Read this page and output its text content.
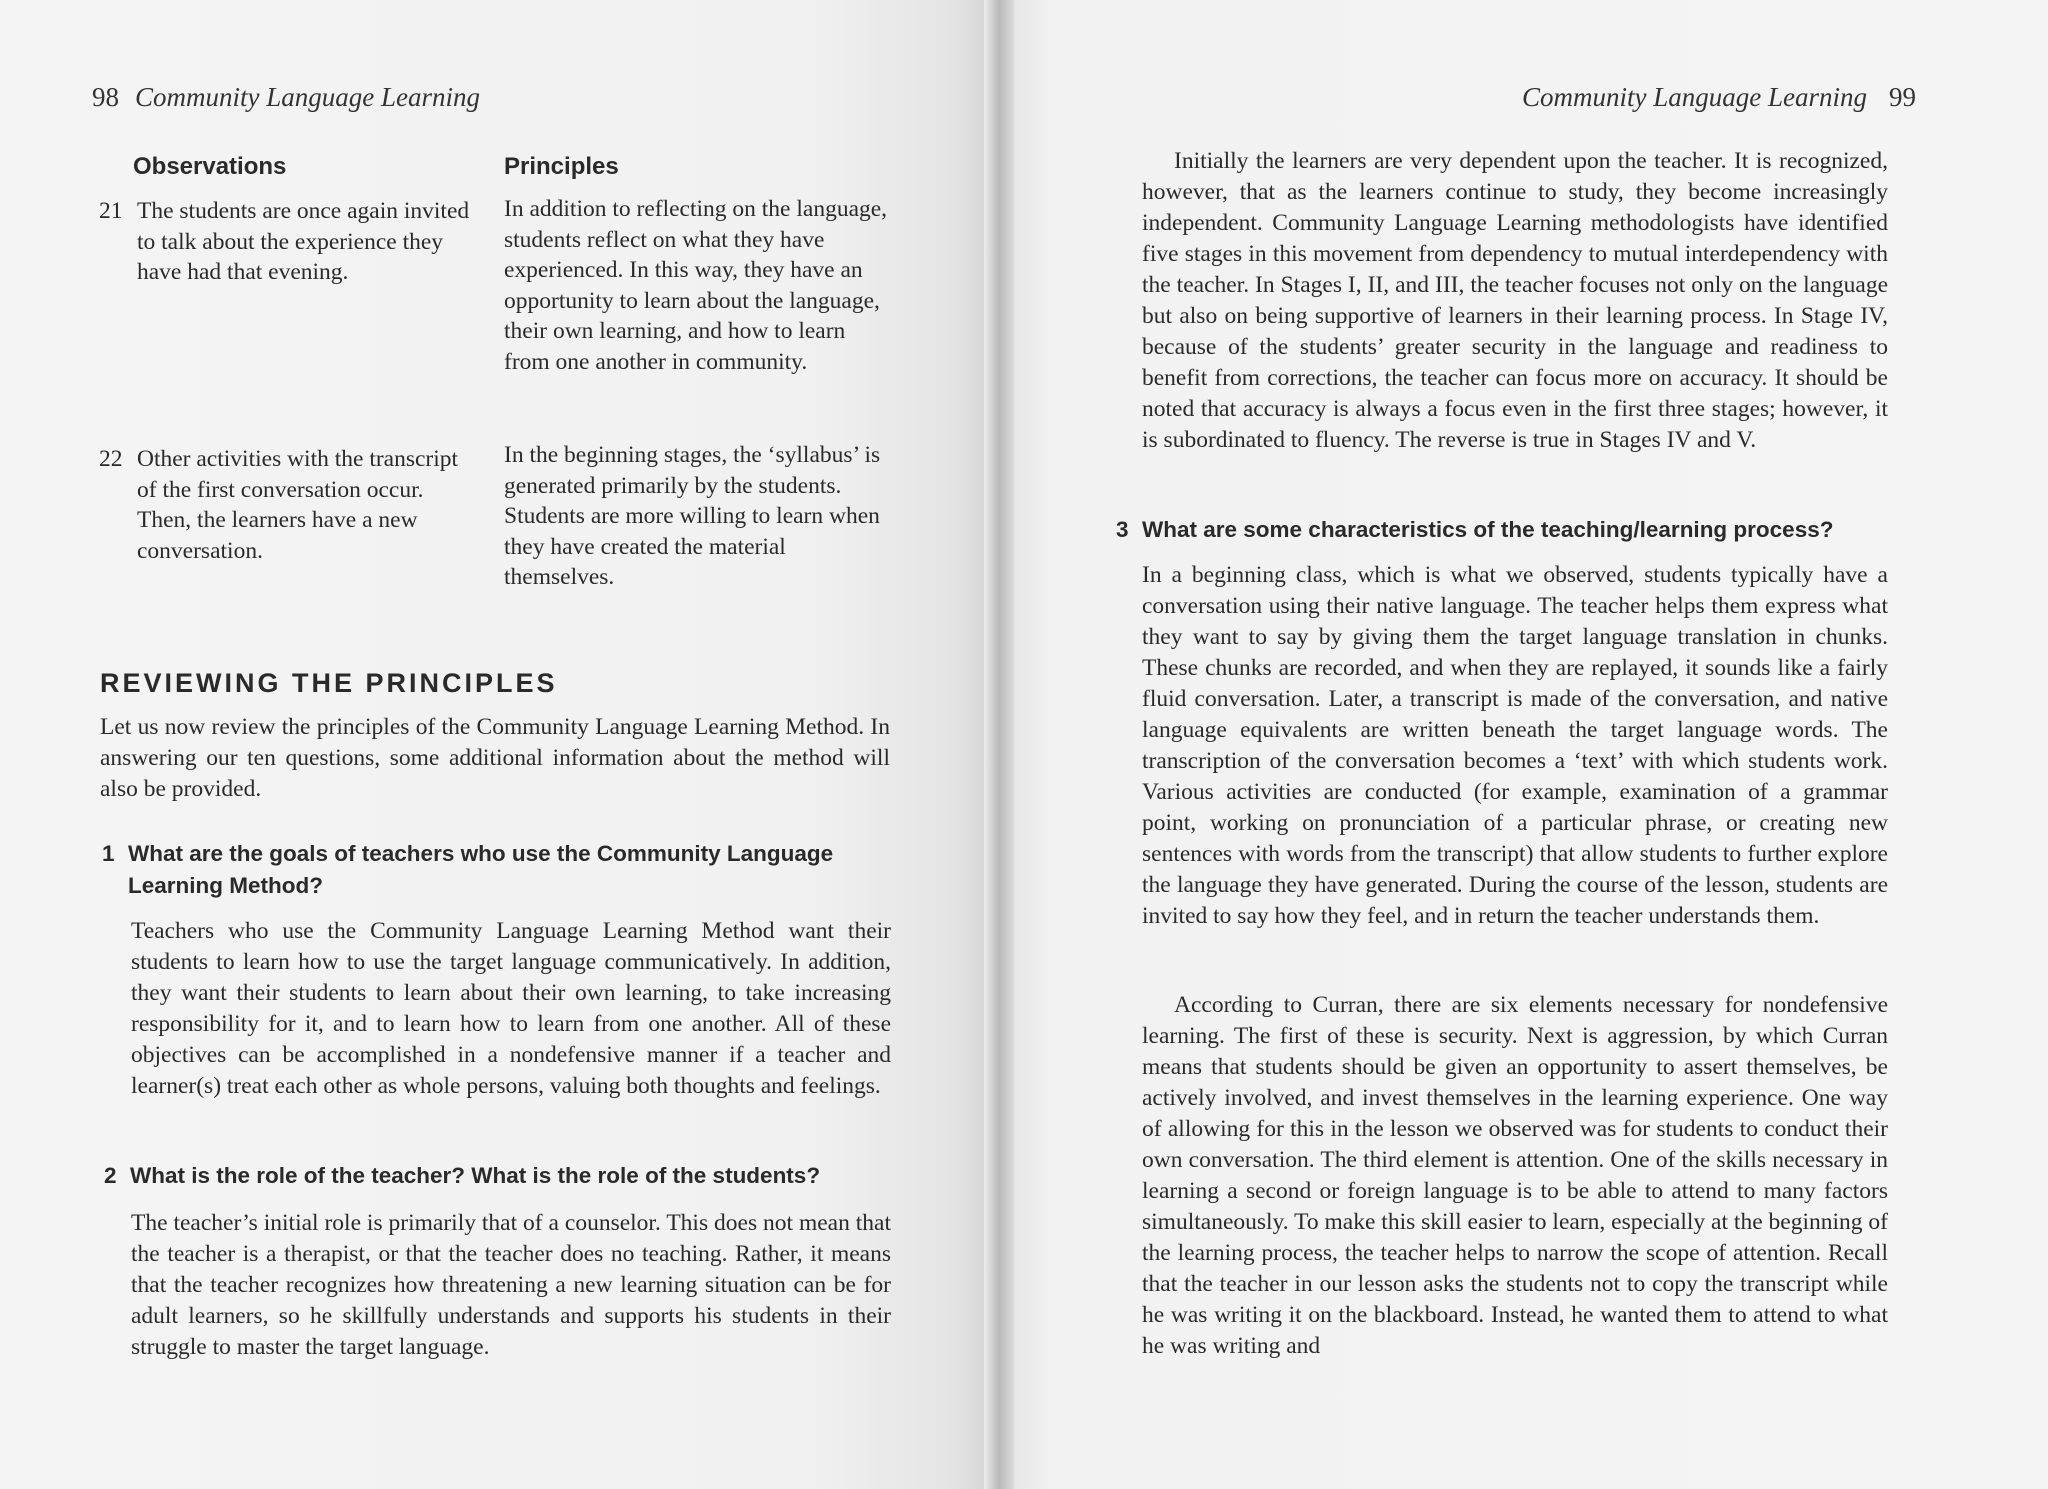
98 Community Language Learning
Observations	Principles
21 The students are once again invited to talk about the experience they have had that evening.
In addition to reflecting on the language, students reflect on what they have experienced. In this way, they have an opportunity to learn about the language, their own learning, and how to learn from one another in community.
22 Other activities with the transcript of the first conversation occur. Then, the learners have a new conversation.
In the beginning stages, the ‘syllabus’ is generated primarily by the students. Students are more willing to learn when they have created the material themselves.
REVIEWING THE PRINCIPLES
Let us now review the principles of the Community Language Learning Method. In answering our ten questions, some additional information about the method will also be provided.
1 What are the goals of teachers who use the Community Language Learning Method?
Teachers who use the Community Language Learning Method want their students to learn how to use the target language communicatively. In addition, they want their students to learn about their own learning, to take increasing responsibility for it, and to learn how to learn from one another. All of these objectives can be accomplished in a nondefensive manner if a teacher and learner(s) treat each other as whole persons, valuing both thoughts and feelings.
2 What is the role of the teacher? What is the role of the students?
The teacher’s initial role is primarily that of a counselor. This does not mean that the teacher is a therapist, or that the teacher does no teaching. Rather, it means that the teacher recognizes how threatening a new learning situation can be for adult learners, so he skillfully understands and supports his students in their struggle to master the target language.
Community Language Learning 99
Initially the learners are very dependent upon the teacher. It is recognized, however, that as the learners continue to study, they become increasingly independent. Community Language Learning methodologists have identified five stages in this movement from dependency to mutual interdependency with the teacher. In Stages I, II, and III, the teacher focuses not only on the language but also on being supportive of learners in their learning process. In Stage IV, because of the students’ greater security in the language and readiness to benefit from corrections, the teacher can focus more on accuracy. It should be noted that accuracy is always a focus even in the first three stages; however, it is subordinated to fluency. The reverse is true in Stages IV and V.
3 What are some characteristics of the teaching/learning process?
In a beginning class, which is what we observed, students typically have a conversation using their native language. The teacher helps them express what they want to say by giving them the target language translation in chunks. These chunks are recorded, and when they are replayed, it sounds like a fairly fluid conversation. Later, a transcript is made of the conversation, and native language equivalents are written beneath the target language words. The transcription of the conversation becomes a ‘text’ with which students work. Various activities are conducted (for example, examination of a grammar point, working on pronunciation of a particular phrase, or creating new sentences with words from the transcript) that allow students to further explore the language they have generated. During the course of the lesson, students are invited to say how they feel, and in return the teacher understands them.
According to Curran, there are six elements necessary for nondefensive learning. The first of these is security. Next is aggression, by which Curran means that students should be given an opportunity to assert themselves, be actively involved, and invest themselves in the learning experience. One way of allowing for this in the lesson we observed was for students to conduct their own conversation. The third element is attention. One of the skills necessary in learning a second or foreign language is to be able to attend to many factors simultaneously. To make this skill easier to learn, especially at the beginning of the learning process, the teacher helps to narrow the scope of attention. Recall that the teacher in our lesson asks the students not to copy the transcript while he was writing it on the blackboard. Instead, he wanted them to attend to what he was writing and
